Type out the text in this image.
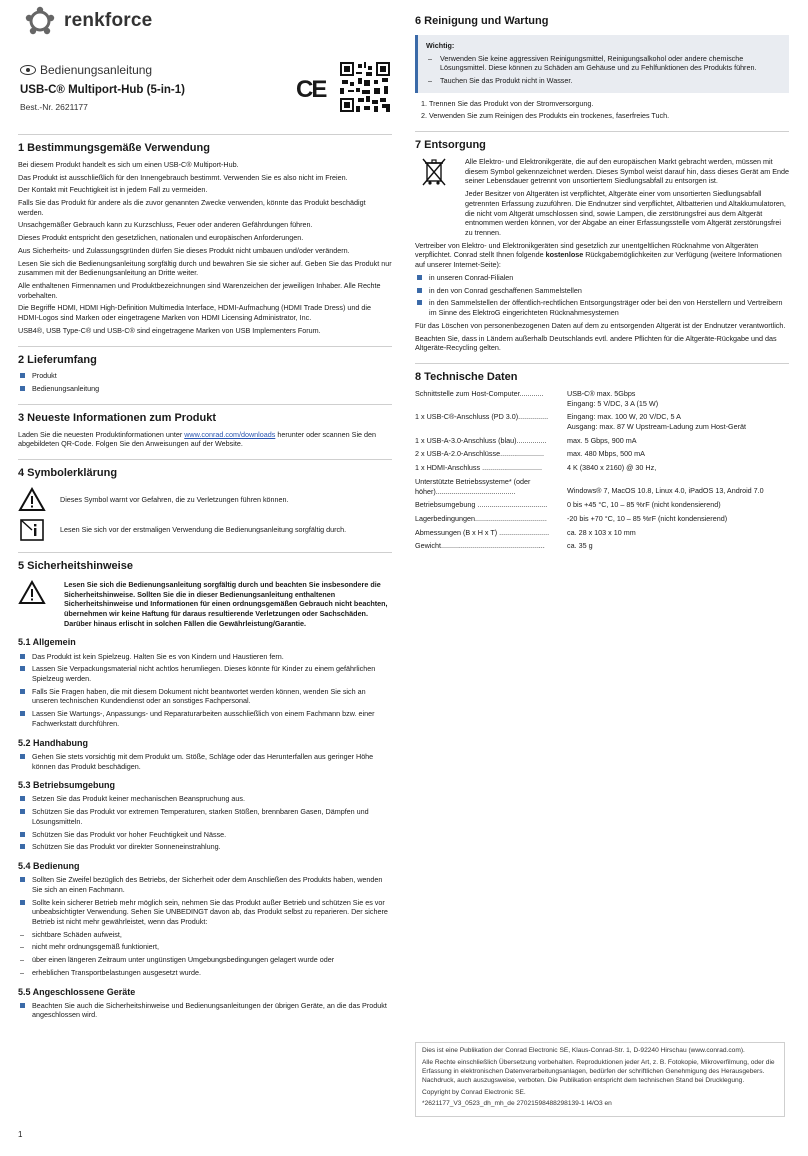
renkforce
Bedienungsanleitung
USB-C® Multiport-Hub (5-in-1)
Best.-Nr. 2621177
CE
1 Bestimmungsgemäße Verwendung

Bei diesem Produkt handelt es sich um einen USB-C® Multiport-Hub.

Das Produkt ist ausschließlich für den Innengebrauch bestimmt. Verwenden Sie es also nicht im Freien.

Der Kontakt mit Feuchtigkeit ist in jedem Fall zu vermeiden.

Falls Sie das Produkt für andere als die zuvor genannten Zwecke verwenden, könnte das Produkt beschädigt werden.

Unsachgemäßer Gebrauch kann zu Kurzschluss, Feuer oder anderen Gefährdungen führen.

Dieses Produkt entspricht den gesetzlichen, nationalen und europäischen Anforderungen.

Aus Sicherheits- und Zulassungsgründen dürfen Sie dieses Produkt nicht umbauen und/oder verändern.

Lesen Sie sich die Bedienungsanleitung sorgfältig durch und bewahren Sie sie sicher auf. Geben Sie das Produkt nur zusammen mit der Bedienungsanleitung an Dritte weiter.

Alle enthaltenen Firmennamen und Produktbezeichnungen sind Warenzeichen der jeweiligen Inhaber. Alle Rechte vorbehalten.

Die Begriffe HDMI, HDMI High-Definition Multimedia Interface, HDMI-Aufmachung (HDMI Trade Dress) und die HDMI-Logos sind Marken oder eingetragene Marken von HDMI Licensing Administrator, Inc.

USB4®, USB Type-C® und USB-C® sind eingetragene Marken von USB Implementers Forum.

2 Lieferumfang
Produkt
Bedienungsanleitung
3 Neueste Informationen zum Produkt

Laden Sie die neuesten Produktinformationen unter www.conrad.com/downloads herunter oder scannen Sie den abgebildeten QR-Code. Folgen Sie den Anweisungen auf der Website.

4 Symbolerklärung
Dieses Symbol warnt vor Gefahren, die zu Verletzungen führen können.
Lesen Sie sich vor der erstmaligen Verwendung die Bedienungsanleitung sorgfältig durch.
5 Sicherheitshinweise
Lesen Sie sich die Bedienungsanleitung sorgfältig durch und beachten Sie insbesondere die Sicherheitshinweise. Sollten Sie die in dieser Bedienungsanleitung enthaltenen Sicherheitshinweise und Informationen für einen ordnungsgemäßen Gebrauch nicht beachten, übernehmen wir keine Haftung für daraus resultierende Verletzungen oder Sachschäden. Darüber hinaus erlischt in solchen Fällen die Gewährleistung/Garantie.
5.1 Allgemein
Das Produkt ist kein Spielzeug. Halten Sie es von Kindern und Haustieren fern.
Lassen Sie Verpackungsmaterial nicht achtlos herumliegen. Dieses könnte für Kinder zu einem gefährlichen Spielzeug werden.
Falls Sie Fragen haben, die mit diesem Dokument nicht beantwortet werden können, wenden Sie sich an unseren technischen Kundendienst oder an sonstiges Fachpersonal.
Lassen Sie Wartungs-, Anpassungs- und Reparaturarbeiten ausschließlich von einem Fachmann bzw. einer Fachwerkstatt durchführen.
5.2 Handhabung
Gehen Sie stets vorsichtig mit dem Produkt um. Stöße, Schläge oder das Herunterfallen aus geringer Höhe können das Produkt beschädigen.
5.3 Betriebsumgebung
Setzen Sie das Produkt keiner mechanischen Beanspruchung aus.
Schützen Sie das Produkt vor extremen Temperaturen, starken Stößen, brennbaren Gasen, Dämpfen und Lösungsmitteln.
Schützen Sie das Produkt vor hoher Feuchtigkeit und Nässe.
Schützen Sie das Produkt vor direkter Sonneneinstrahlung.
5.4 Bedienung
Sollten Sie Zweifel bezüglich des Betriebs, der Sicherheit oder dem Anschließen des Produkts haben, wenden Sie sich an einen Fachmann.
Sollte kein sicherer Betrieb mehr möglich sein, nehmen Sie das Produkt außer Betrieb und schützen Sie es vor unbeabsichtigter Verwendung. Sehen Sie UNBEDINGT davon ab, das Produkt selbst zu reparieren. Der sichere Betrieb ist nicht mehr gewährleistet, wenn das Produkt:
– sichtbare Schäden aufweist,
– nicht mehr ordnungsgemäß funktioniert,
– über einen längeren Zeitraum unter ungünstigen Umgebungsbedingungen gelagert wurde oder
– erheblichen Transportbelastungen ausgesetzt wurde.
5.5 Angeschlossene Geräte
Beachten Sie auch die Sicherheitshinweise und Bedienungsanleitungen der übrigen Geräte, an die das Produkt angeschlossen wird.
6 Reinigung und Wartung
Wichtig:
– Verwenden Sie keine aggressiven Reinigungsmittel, Reinigungsalkohol oder andere chemische Lösungsmittel. Diese können zu Schäden am Gehäuse und zu Fehlfunktionen des Produkts führen.
– Tauchen Sie das Produkt nicht in Wasser.
1. Trennen Sie das Produkt von der Stromversorgung.
2. Verwenden Sie zum Reinigen des Produkts ein trockenes, faserfreies Tuch.
7 Entsorgung

Alle Elektro- und Elektronikgeräte, die auf den europäischen Markt gebracht werden, müssen mit diesem Symbol gekennzeichnet werden. Dieses Symbol weist darauf hin, dass dieses Gerät am Ende seiner Lebensdauer getrennt von unsortiertem Siedlungsabfall zu entsorgen ist.

Jeder Besitzer von Altgeräten ist verpflichtet, Altgeräte einer vom unsortierten Siedlungsabfall getrennten Erfassung zuzuführen. Die Endnutzer sind verpflichtet, Altbatterien und Altakkumulatoren, die nicht vom Altgerät umschlossen sind, sowie Lampen, die zerstörungsfrei aus dem Altgerät entnommen werden können, vor der Abgabe an einer Erfassungsstelle vom Altgerät zerstörungsfrei zu trennen.

Vertreiber von Elektro- und Elektronikgeräten sind gesetzlich zur unentgeltlichen Rücknahme von Altgeräten verpflichtet. Conrad stellt Ihnen folgende kostenlose Rückgabemöglichkeiten zur Verfügung (weitere Informationen auf unserer Internet-Seite):

in unseren Conrad-Filialen
in den von Conrad geschaffenen Sammelstellen
in den Sammelstellen der öffentlich-rechtlichen Entsorgungsträger oder bei den von Herstellern und Vertreibern im Sinne des ElektroG eingerichteten Rücknahmesystemen

Für das Löschen von personenbezogenen Daten auf dem zu entsorgenden Altgerät ist der Endnutzer verantwortlich.

Beachten Sie, dass in Ländern außerhalb Deutschlands evtl. andere Pflichten für die Altgeräte-Rückgabe und das Altgeräte-Recycling gelten.

8 Technische Daten
Schnittstelle zum Host-Computer............	USB-C® max. 5Gbps
Eingang: 5 V/DC, 3 A (15 W)

1 x USB-C®-Anschluss (PD 3.0)...............	Eingang: max. 100 W, 20 V/DC, 5 A
Ausgang: max. 87 W Upstream-Ladung zum Host-Gerät

1 x USB-A-3.0-Anschluss (blau)...............	max. 5 Gbps, 900 mA
2 x USB-A-2.0-Anschlüsse......................	max. 480 Mbps, 500 mA
1 x HDMI-Anschluss ..............................	4 K (3840 x 2160) @ 30 Hz,
Unterstützte Betriebssysteme* (oder höher)........................................	Windows® 7, MacOS 10.8, Linux 4.0, iPadOS 13, Android 7.0

Betriebsumgebung ...................................	0 bis +45 °C, 10 – 85 %rF (nicht kondensierend)
Lagerbedingungen....................................	-20 bis +70 °C, 10 – 85 %rF (nicht kondensierend)
Abmessungen (B x H x T) .........................	ca. 28 x 103 x 10 mm
Gewicht....................................................	ca. 35 g

Dies ist eine Publikation der Conrad Electronic SE, Klaus-Conrad-Str. 1, D-92240 Hirschau (www.conrad.com).

Alle Rechte einschließlich Übersetzung vorbehalten. Reproduktionen jeder Art, z. B. Fotokopie, Mikroverfilmung, oder die Erfassung in elektronischen Datenverarbeitungsanlagen, bedürfen der schriftlichen Genehmigung des Herausgebers. Nachdruck, auch auszugsweise, verboten. Die Publikation entspricht dem technischen Stand bei Drucklegung.

Copyright by Conrad Electronic SE.

*2621177_V3_0523_dh_mh_de 27021598488298139-1 I4/O3 en

1
